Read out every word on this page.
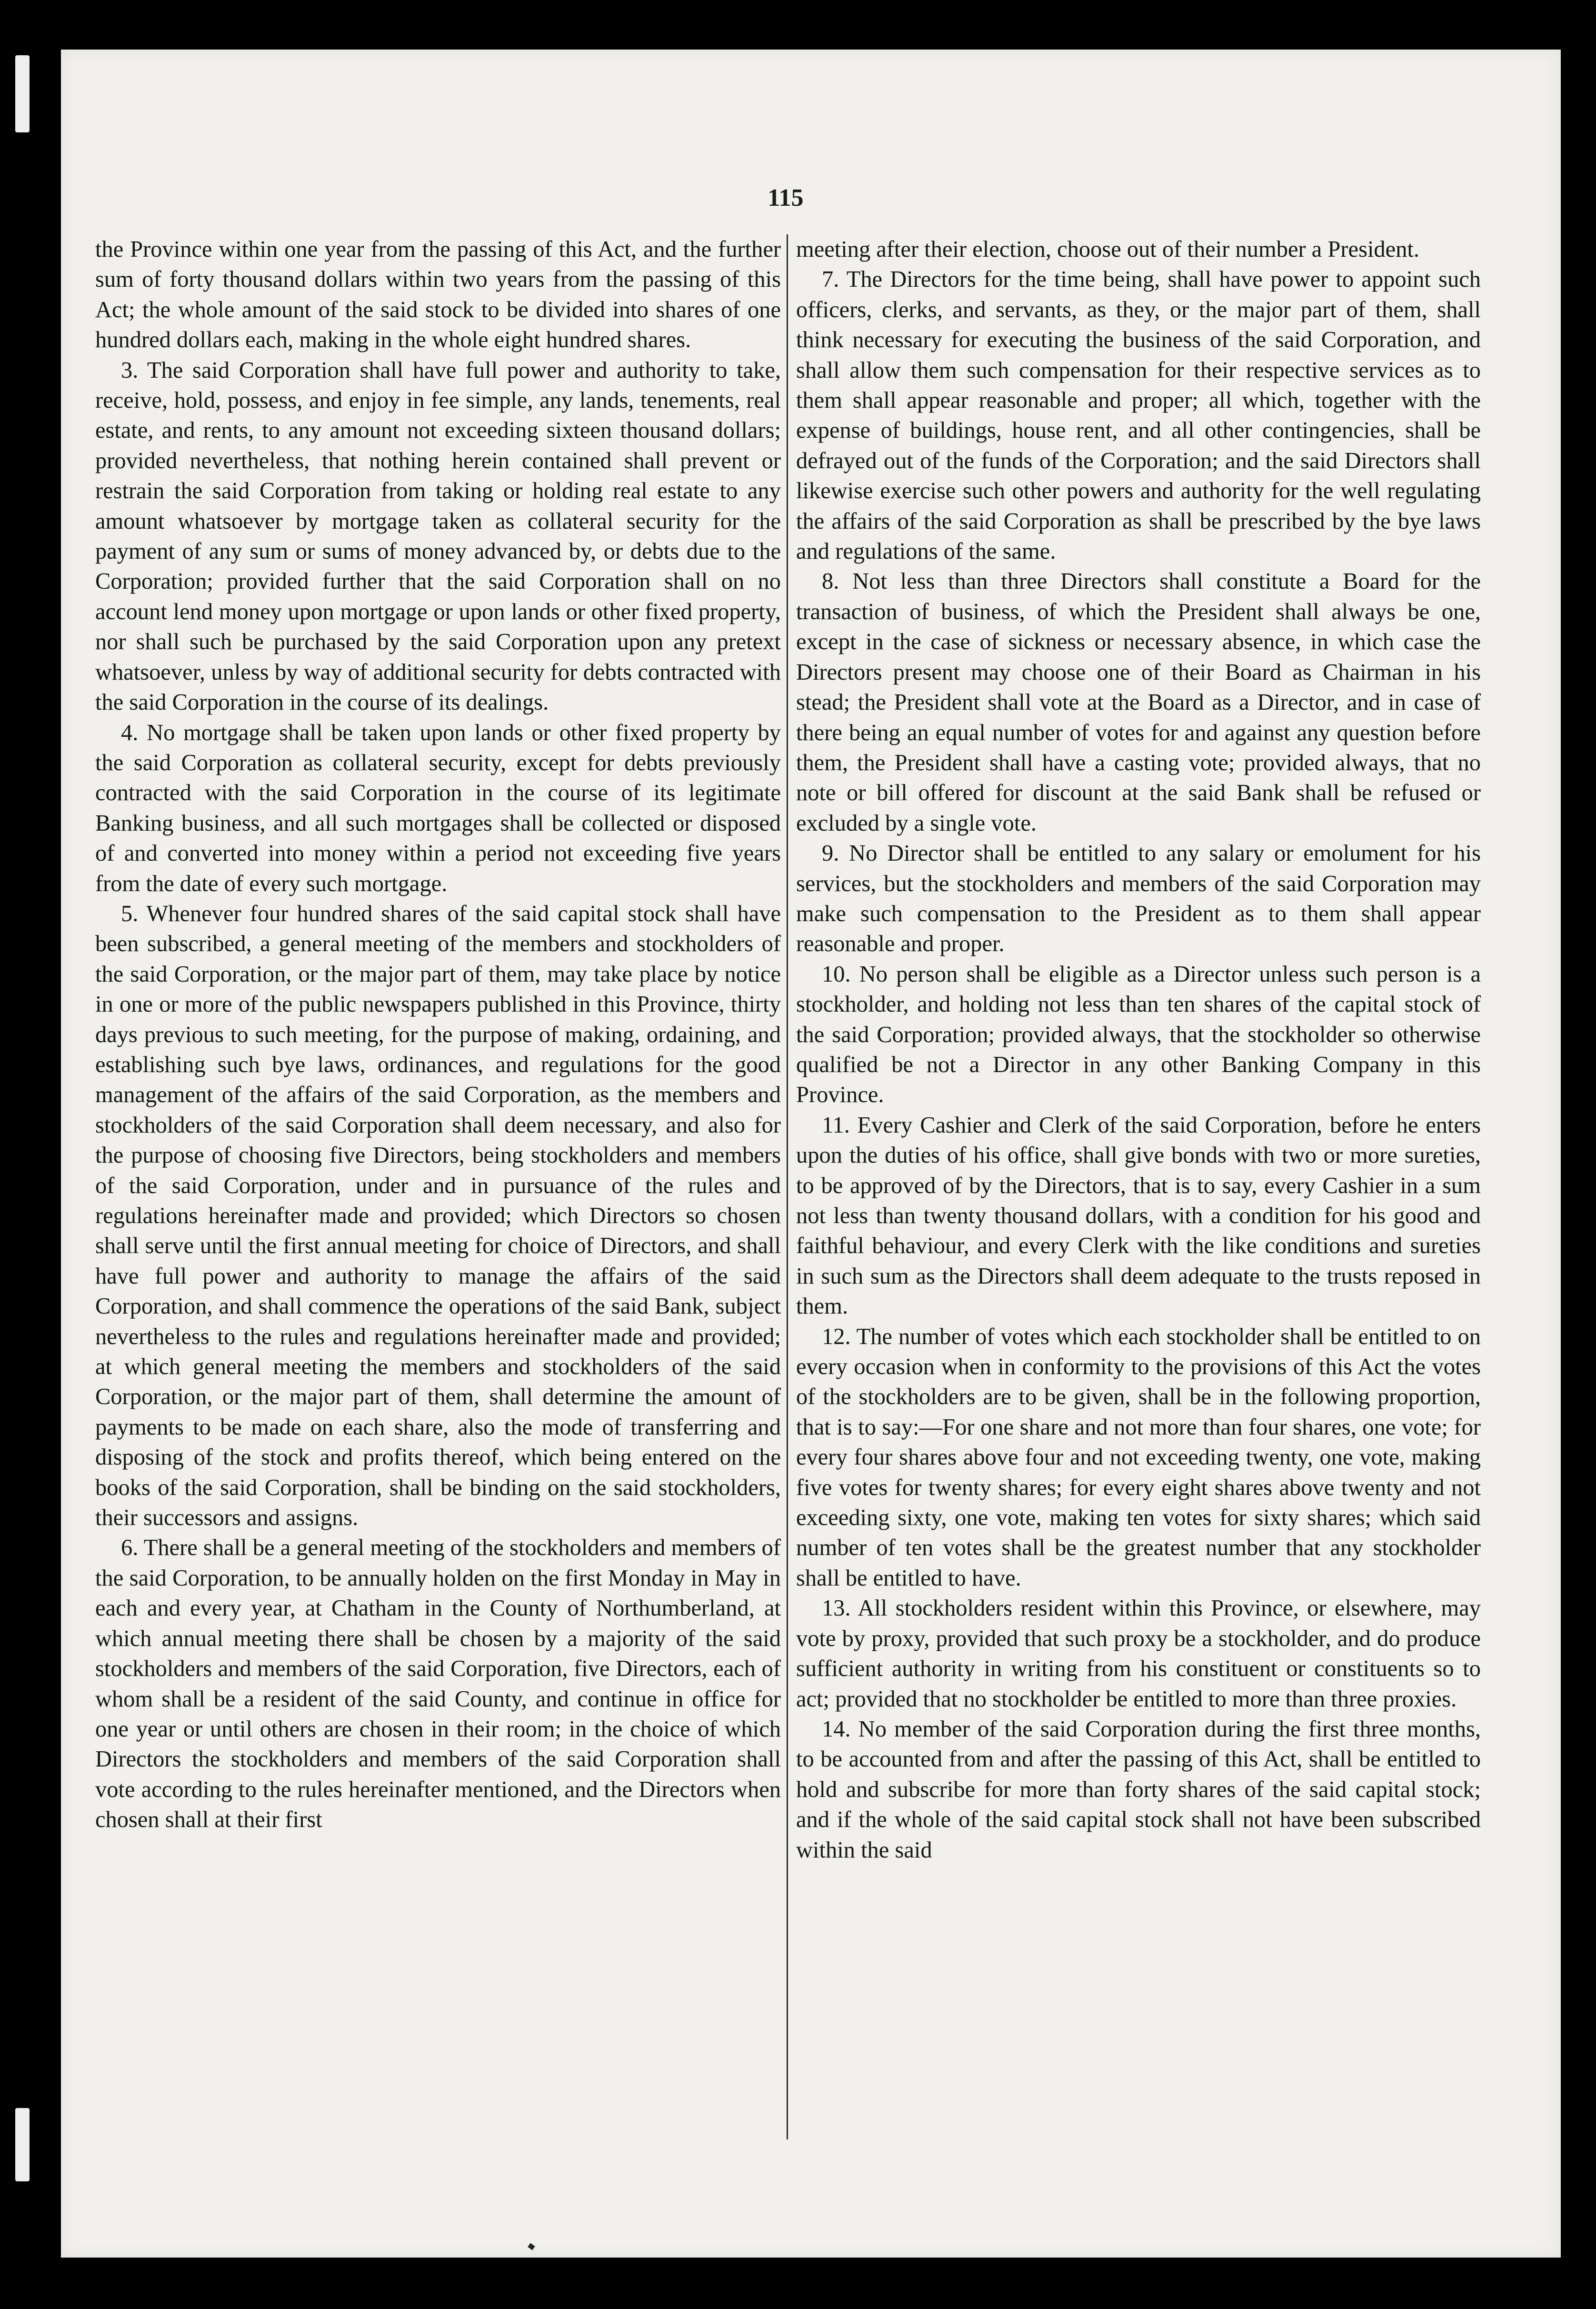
115

the Province within one year from the passing of this Act, and the further sum of forty thousand dollars within two years from the passing of this Act; the whole amount of the said stock to be divided into shares of one hundred dollars each, making in the whole eight hundred shares.

3. The said Corporation shall have full power and authority to take, receive, hold, possess, and enjoy in fee simple, any lands, tenements, real estate, and rents, to any amount not exceeding sixteen thousand dollars; provided nevertheless, that nothing herein contained shall prevent or restrain the said Corporation from taking or holding real estate to any amount whatsoever by mortgage taken as collateral security for the payment of any sum or sums of money advanced by, or debts due to the Corporation; provided further that the said Corporation shall on no account lend money upon mortgage or upon lands or other fixed property, nor shall such be purchased by the said Corporation upon any pretext whatsoever, unless by way of additional security for debts contracted with the said Corporation in the course of its dealings.

4. No mortgage shall be taken upon lands or other fixed property by the said Corporation as collateral security, except for debts previously contracted with the said Corporation in the course of its legitimate Banking business, and all such mortgages shall be collected or disposed of and converted into money within a period not exceeding five years from the date of every such mortgage.

5. Whenever four hundred shares of the said capital stock shall have been subscribed, a general meeting of the members and stockholders of the said Corporation, or the major part of them, may take place by notice in one or more of the public newspapers published in this Province, thirty days previous to such meeting, for the purpose of making, ordaining, and establishing such bye laws, ordinances, and regulations for the good management of the affairs of the said Corporation, as the members and stockholders of the said Corporation shall deem necessary, and also for the purpose of choosing five Directors, being stockholders and members of the said Corporation, under and in pursuance of the rules and regulations hereinafter made and provided; which Directors so chosen shall serve until the first annual meeting for choice of Directors, and shall have full power and authority to manage the affairs of the said Corporation, and shall commence the operations of the said Bank, subject nevertheless to the rules and regulations hereinafter made and provided; at which general meeting the members and stockholders of the said Corporation, or the major part of them, shall determine the amount of payments to be made on each share, also the mode of transferring and disposing of the stock and profits thereof, which being entered on the books of the said Corporation, shall be binding on the said stockholders, their successors and assigns.

6. There shall be a general meeting of the stockholders and members of the said Corporation, to be annually holden on the first Monday in May in each and every year, at Chatham in the County of Northumberland, at which annual meeting there shall be chosen by a majority of the said stockholders and members of the said Corporation, five Directors, each of whom shall be a resident of the said County, and continue in office for one year or until others are chosen in their room; in the choice of which Directors the stockholders and members of the said Corporation shall vote according to the rules hereinafter mentioned, and the Directors when chosen shall at their first

meeting after their election, choose out of their number a President.

7. The Directors for the time being, shall have power to appoint such officers, clerks, and servants, as they, or the major part of them, shall think necessary for executing the business of the said Corporation, and shall allow them such compensation for their respective services as to them shall appear reasonable and proper; all which, together with the expense of buildings, house rent, and all other contingencies, shall be defrayed out of the funds of the Corporation; and the said Directors shall likewise exercise such other powers and authority for the well regulating the affairs of the said Corporation as shall be prescribed by the bye laws and regulations of the same.

8. Not less than three Directors shall constitute a Board for the transaction of business, of which the President shall always be one, except in the case of sickness or necessary absence, in which case the Directors present may choose one of their Board as Chairman in his stead; the President shall vote at the Board as a Director, and in case of there being an equal number of votes for and against any question before them, the President shall have a casting vote; provided always, that no note or bill offered for discount at the said Bank shall be refused or excluded by a single vote.

9. No Director shall be entitled to any salary or emolument for his services, but the stockholders and members of the said Corporation may make such compensation to the President as to them shall appear reasonable and proper.

10. No person shall be eligible as a Director unless such person is a stockholder, and holding not less than ten shares of the capital stock of the said Corporation; provided always, that the stockholder so otherwise qualified be not a Director in any other Banking Company in this Province.

11. Every Cashier and Clerk of the said Corporation, before he enters upon the duties of his office, shall give bonds with two or more sureties, to be approved of by the Directors, that is to say, every Cashier in a sum not less than twenty thousand dollars, with a condition for his good and faithful behaviour, and every Clerk with the like conditions and sureties in such sum as the Directors shall deem adequate to the trusts reposed in them.

12. The number of votes which each stockholder shall be entitled to on every occasion when in conformity to the provisions of this Act the votes of the stockholders are to be given, shall be in the following proportion, that is to say:—For one share and not more than four shares, one vote; for every four shares above four and not exceeding twenty, one vote, making five votes for twenty shares; for every eight shares above twenty and not exceeding sixty, one vote, making ten votes for sixty shares; which said number of ten votes shall be the greatest number that any stockholder shall be entitled to have.

13. All stockholders resident within this Province, or elsewhere, may vote by proxy, provided that such proxy be a stockholder, and do produce sufficient authority in writing from his constituent or constituents so to act; provided that no stockholder be entitled to more than three proxies.

14. No member of the said Corporation during the first three months, to be accounted from and after the passing of this Act, shall be entitled to hold and subscribe for more than forty shares of the said capital stock; and if the whole of the said capital stock shall not have been subscribed within the said
